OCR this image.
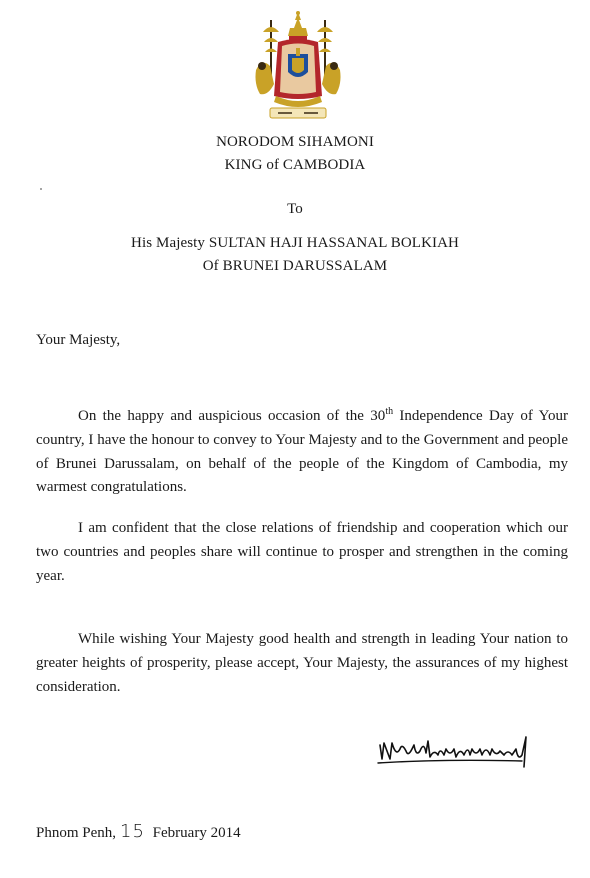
NORODOM SIHAMONI
KING of CAMBODIA
To
His Majesty SULTAN HAJI HASSANAL BOLKIAH
Of BRUNEI DARUSSALAM
Your Majesty,

On the happy and auspicious occasion of the 30th Independence Day of Your country, I have the honour to convey to Your Majesty and to the Government and people of Brunei Darussalam, on behalf of the people of the Kingdom of Cambodia, my warmest congratulations.

I am confident that the close relations of friendship and cooperation which our two countries and peoples share will continue to prosper and strengthen in the coming year.

While wishing Your Majesty good health and strength in leading Your nation to greater heights of prosperity, please accept, Your Majesty, the assurances of my highest consideration.

Phnom Penh, 15 February 2014
